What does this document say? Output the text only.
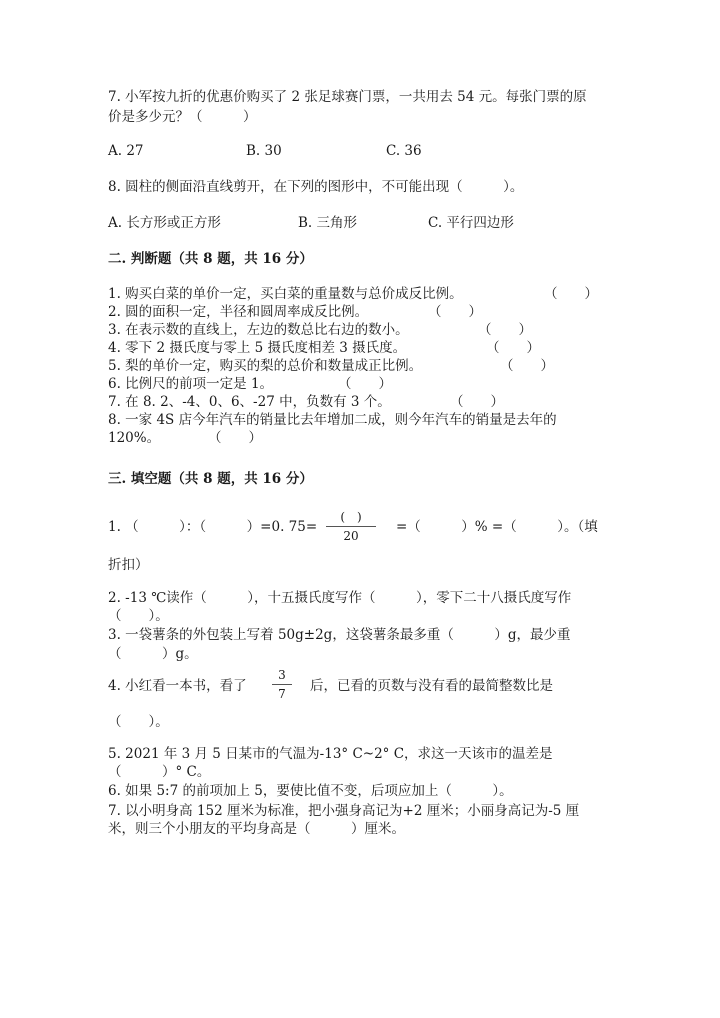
7. 小军按九折的优惠价购买了 2 张足球赛门票，一共用去 54 元。每张门票的原
价是多少元？（　　　）
A. 27	B. 30	C. 36
8. 圆柱的侧面沿直线剪开，在下列的图形中，不可能出现（　　　）。
A. 长方形或正方形	B. 三角形	C. 平行四边形
二. 判断题（共 8 题，共 16 分）
1. 购买白菜的单价一定，买白菜的重量数与总价成反比例。	（　　）
2. 圆的面积一定，半径和圆周率成反比例。	（　　）
3. 在表示数的直线上，左边的数总比右边的数小。	（　　）
4. 零下 2 摄氏度与零上 5 摄氏度相差 3 摄氏度。	（　　）
5. 梨的单价一定，购买的梨的总价和数量成正比例。	（　　）
6. 比例尺的前项一定是 1。	（　　）
7. 在 8. 2、-4、0、6、-27 中，负数有 3 个。	（　　）
8. 一家 4S 店今年汽车的销量比去年增加二成，则今年汽车的销量是去年的
120%。	（　　）
三. 填空题（共 8 题，共 16 分）
1. （　　　）：（　　　）=0. 75=
(　)
20
=（　　　）% =（　　　）。（填
折扣）
2. -13 ℃读作（　　　），十五摄氏度写作（　　　），零下二十八摄氏度写作
（　　）。
3. 一袋薯条的外包装上写着 50g±2g，这袋薯条最多重（　　　）g，最少重
（　　　）g。
4. 小红看一本书，看了
3
7	后，已看的页数与没有看的最简整数比是
（　　）。
5. 2021 年 3 月 5 日某市的气温为-13° C~2° C，求这一天该市的温差是
（　　　）° C。
6. 如果 5:7 的前项加上 5，要使比值不变，后项应加上（　　　）。
7. 以小明身高 152 厘米为标准，把小强身高记为+2 厘米；小丽身高记为-5 厘
米，则三个小朋友的平均身高是（　　　）厘米。
